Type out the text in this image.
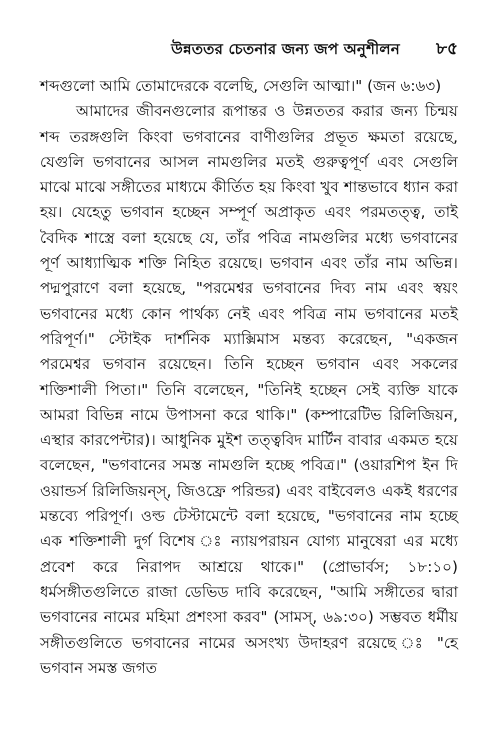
উন্নততর চেতনার জন্য জপ অনুশীলন ৮৫

শব্দগুলো আমি তোমাদেরকে বলেছি, সেগুলি আত্মা।" (জন ৬:৬৩)

আমাদের জীবনগুলোর রূপান্তর ও উন্নততর করার জন্য চিন্ময় শব্দ তরঙ্গগুলি কিংবা ভগবানের বাণীগুলির প্রভূত ক্ষমতা রয়েছে, যেগুলি ভগবানের আসল নামগুলির মতই গুরুত্বপূর্ণ এবং সেগুলি মাঝে মাঝে সঙ্গীতের মাধ্যমে কীর্তিত হয় কিংবা খুব শান্তভাবে ধ্যান করা হয়। যেহেতু ভগবান হচ্ছেন সম্পূর্ণ অপ্রাকৃত এবং পরমতত্ত্ব, তাই বৈদিক শাস্ত্রে বলা হয়েছে যে, তাঁর পবিত্র নামগুলির মধ্যে ভগবানের পূর্ণ আধ্যাত্মিক শক্তি নিহিত রয়েছে। ভগবান এবং তাঁর নাম অভিন্ন। পদ্মপুরাণে বলা হয়েছে, "পরমেশ্বর ভগবানের দিব্য নাম এবং স্বয়ং ভগবানের মধ্যে কোন পার্থক্য নেই এবং পবিত্র নাম ভগবানের মতই পরিপূর্ণ।" স্টোইক দার্শনিক ম্যাক্সিমাস মন্তব্য করেছেন, "একজন পরমেশ্বর ভগবান রয়েছেন। তিনি হচ্ছেন ভগবান এবং সকলের শক্তিশালী পিতা।" তিনি বলেছেন, "তিনিই হচ্ছেন সেই ব্যক্তি যাকে আমরা বিভিন্ন নামে উপাসনা করে থাকি।" (কম্পারেটিভ রিলিজিয়ন, এস্থার কারপেন্টার)। আধুনিক মুইশ তত্ত্ববিদ মার্টিন বাবার একমত হয়ে বলেছেন, "ভগবানের সমস্ত নামগুলি হচ্ছে পবিত্র।" (ওয়ারশিপ ইন দি ওয়ান্ডর্স রিলিজিয়ন্স্, জিওফ্রে পরিন্ডর) এবং বাইবেলও একই ধরণের মন্তব্যে পরিপূর্ণ। ওল্ড টেস্টামেন্টে বলা হয়েছে, "ভগবানের নাম হচ্ছে এক শক্তিশালী দুর্গ বিশেষ ঃ ন্যায়পরায়ন যোগ্য মানুষেরা এর মধ্যে প্রবেশ করে নিরাপদ আশ্রয়ে থাকে।" (প্রোভার্বস; ১৮:১০) ধর্মসঙ্গীতগুলিতে রাজা ডেভিড দাবি করেছেন, "আমি সঙ্গীতের দ্বারা ভগবানের নামের মহিমা প্রশংসা করব" (সামস্, ৬৯:৩০) সম্ভবত ধর্মীয় সঙ্গীতগুলিতে ভগবানের নামের অসংখ্য উদাহরণ রয়েছে ঃ "হে ভগবান সমস্ত জগত
